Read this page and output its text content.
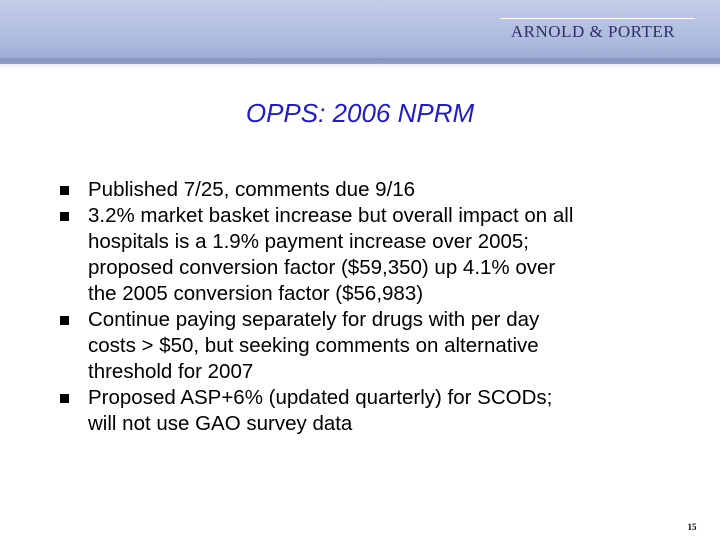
ARNOLD & PORTER
OPPS: 2006 NPRM
Published 7/25, comments due 9/16
3.2% market basket increase but overall impact on all
hospitals is a 1.9% payment increase over 2005;
proposed conversion factor ($59,350) up 4.1% over
the 2005 conversion factor ($56,983)
Continue paying separately for drugs with per day
costs > $50, but seeking comments on alternative
threshold for 2007
Proposed ASP+6% (updated quarterly) for SCODs;
will not use GAO survey data
15
